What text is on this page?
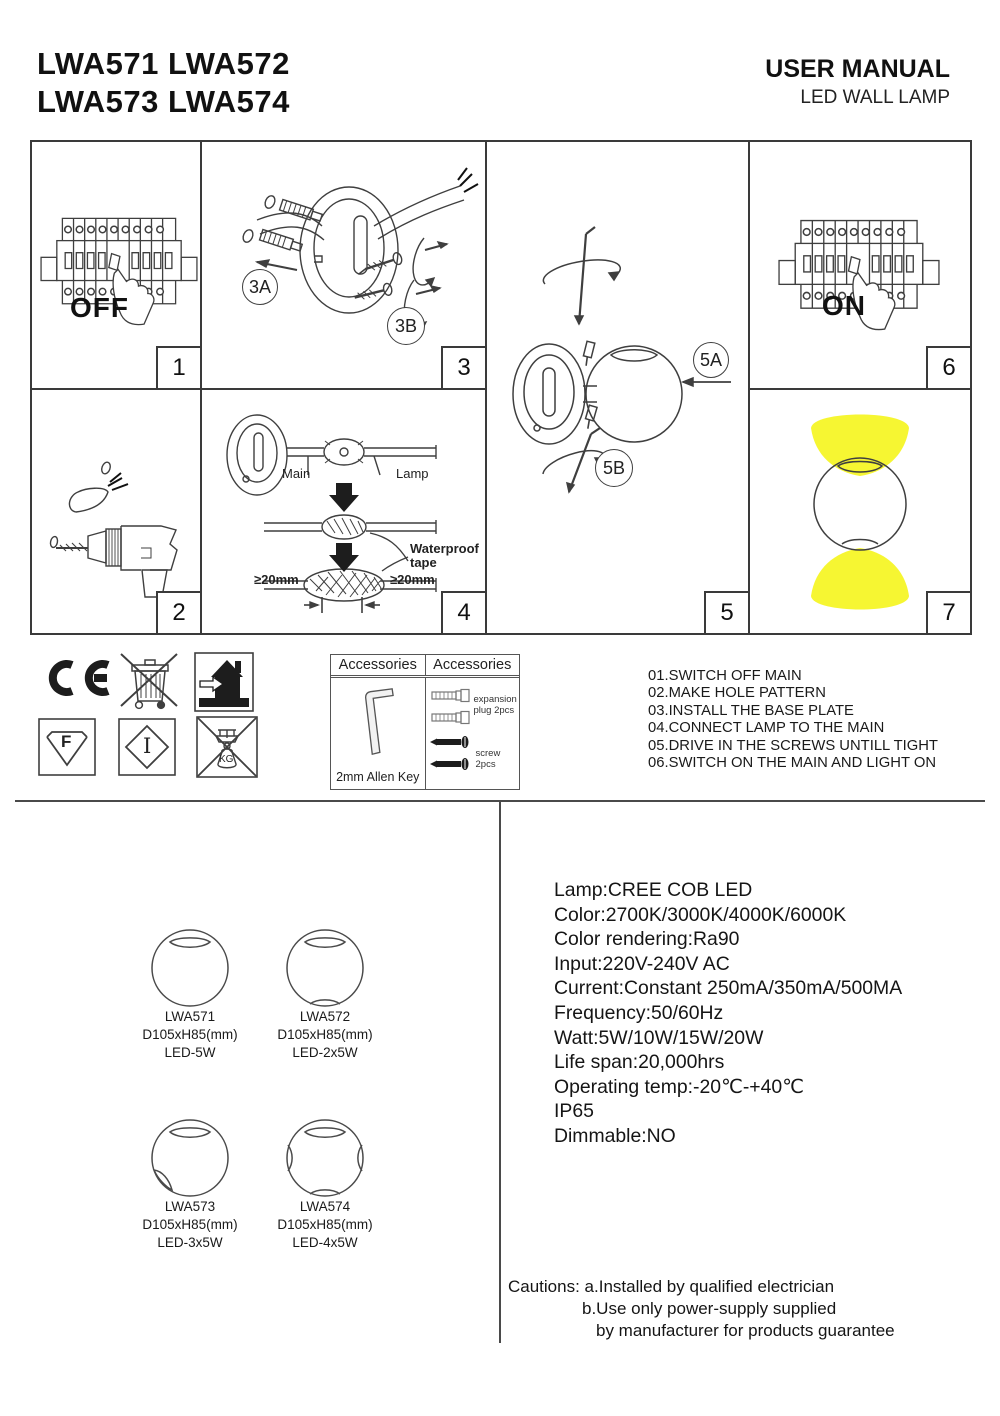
LWA571 LWA572
LWA573 LWA574
USER MANUAL
LED WALL LAMP
OFF
1
2
3A
3B
3
Main	Lamp
Waterproof tape
≥20mm	≥20mm
4
5A
5B
5
ON
6
7
F	I
KG
Accessories	Accessories
2mm Allen Key
expansion plug 2pcs
screw 2pcs
01.SWITCH OFF MAIN
02.MAKE HOLE PATTERN
03.INSTALL THE BASE PLATE
04.CONNECT LAMP TO THE MAIN
05.DRIVE IN THE SCREWS UNTILL TIGHT
06.SWITCH ON THE MAIN AND LIGHT ON
LWA571
D105xH85(mm)
LED-5W
LWA572
D105xH85(mm)
LED-2x5W
LWA573
D105xH85(mm)
LED-3x5W
LWA574
D105xH85(mm)
LED-4x5W
Lamp:CREE COB LED
Color:2700K/3000K/4000K/6000K
Color rendering:Ra90
Input:220V-240V AC
Current:Constant 250mA/350mA/500MA
Frequency:50/60Hz
Watt:5W/10W/15W/20W
Life span:20,000hrs
Operating temp:-20℃-+40℃
IP65
Dimmable:NO
Cautions: a.Installed by qualified electrician
b.Use only power-supply supplied
by manufacturer for products guarantee
